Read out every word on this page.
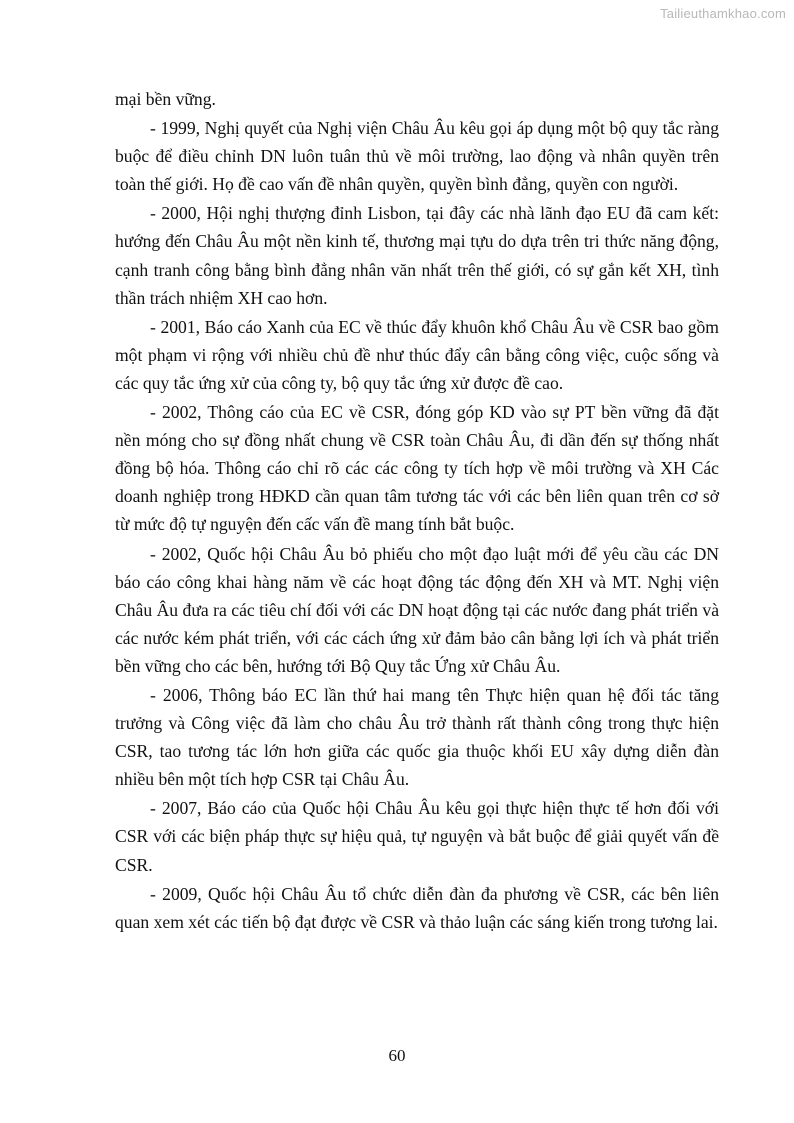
Tailieuthamkhao.com

mại bền vững.

- 1999, Nghị quyết của Nghị viện Châu Âu kêu gọi áp dụng một bộ quy tắc ràng buộc để điều chỉnh DN luôn tuân thủ về môi trường, lao động và nhân quyền trên toàn thế giới. Họ đề cao vấn đề nhân quyền, quyền bình đẳng, quyền con người.

- 2000, Hội nghị thượng đỉnh Lisbon, tại đây các nhà lãnh đạo EU đã cam kết: hướng đến Châu Âu một nền kinh tế, thương mại tựu do dựa trên tri thức năng động, cạnh tranh công bằng bình đẳng nhân văn nhất trên thế giới, có sự gắn kết XH, tình thần trách nhiệm XH cao hơn.

- 2001, Báo cáo Xanh của EC về thúc đẩy khuôn khổ Châu Âu về CSR bao gồm một phạm vi rộng với nhiều chủ đề như thúc đẩy cân bằng công việc, cuộc sống và các quy tắc ứng xử của công ty, bộ quy tắc ứng xử được đề cao.

- 2002, Thông cáo của EC về CSR, đóng góp KD vào sự PT bền vững đã đặt nền móng cho sự đồng nhất chung về CSR toàn Châu Âu, đi dần đến sự thống nhất đồng bộ hóa. Thông cáo chỉ rõ các các công ty tích hợp về môi trường và XH Các doanh nghiệp trong HĐKD cần quan tâm tương tác với các bên liên quan trên cơ sở từ mức độ tự nguyện đến cấc vấn đề mang tính bắt buộc.

- 2002, Quốc hội Châu Âu bỏ phiếu cho một đạo luật mới để yêu cầu các DN báo cáo công khai hàng năm về các hoạt động tác động đến XH và MT. Nghị viện Châu Âu đưa ra các tiêu chí đối với các DN hoạt động tại các nước đang phát triển và các nước kém phát triển, với các cách ứng xử đảm bảo cân bằng lợi ích và phát triển bền vững cho các bên, hướng tới Bộ Quy tắc Ứng xử Châu Âu.

- 2006, Thông báo EC lần thứ hai mang tên Thực hiện quan hệ đối tác tăng trưởng và Công việc đã làm cho châu Âu trở thành rất thành công trong thực hiện CSR, tao tương tác lớn hơn giữa các quốc gia thuộc khối EU xây dựng diễn đàn nhiều bên một tích hợp CSR tại Châu Âu.

- 2007, Báo cáo của Quốc hội Châu Âu kêu gọi thực hiện thực tế hơn đối với CSR với các biện pháp thực sự hiệu quả, tự nguyện và bắt buộc để giải quyết vấn đề CSR.

- 2009, Quốc hội Châu Âu tổ chức diễn đàn đa phương về CSR, các bên liên quan xem xét các tiến bộ đạt được về CSR và thảo luận các sáng kiến trong tương lai.

60
